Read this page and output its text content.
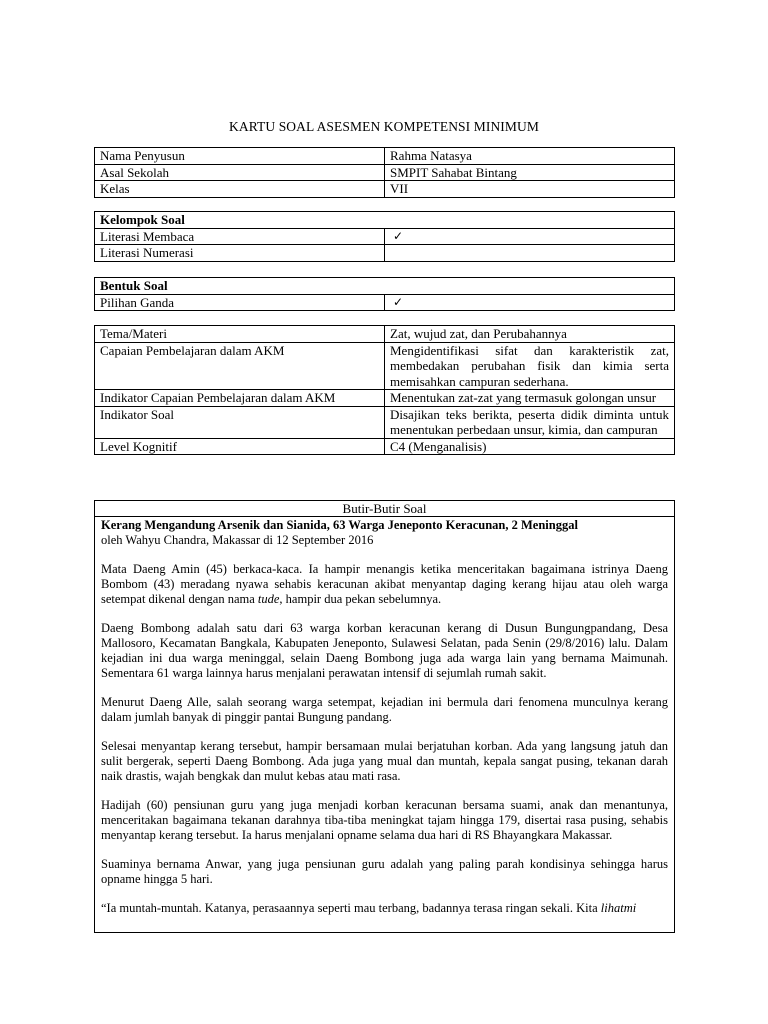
KARTU SOAL ASESMEN KOMPETENSI MINIMUM
Nama Penyusun	Rahma Natasya
Asal Sekolah	SMPIT Sahabat Bintang
Kelas	VII
Kelompok Soal	
Literasi Membaca	✓

Literasi Numerasi	

Bentuk Soal
Pilihan Ganda	✓
Tema/Materi	Zat, wujud zat, dan Perubahannya
Capaian Pembelajaran dalam AKM	Mengidentifikasi sifat dan karakteristik zat, membedakan perubahan fisik dan kimia serta memisahkan campuran sederhana.
Indikator Capaian Pembelajaran dalam AKM	Menentukan zat-zat yang termasuk golongan unsur
Indikator Soal	Disajikan teks berikta, peserta didik diminta untuk menentukan perbedaan unsur, kimia, dan campuran
Level Kognitif	C4 (Menganalisis)
Butir-Butir Soal
Kerang Mengandung Arsenik dan Sianida, 63 Warga Jeneponto Keracunan, 2 Meninggal
oleh Wahyu Chandra, Makassar di 12 September 2016
Mata Daeng Amin (45) berkaca-kaca. Ia hampir menangis ketika menceritakan bagaimana istrinya Daeng Bombom (43) meradang nyawa sehabis keracunan akibat menyantap daging kerang hijau atau oleh warga setempat dikenal dengan nama tude, hampir dua pekan sebelumnya.
Daeng Bombong adalah satu dari 63 warga korban keracunan kerang di Dusun Bungungpandang, Desa Mallosoro, Kecamatan Bangkala, Kabupaten Jeneponto, Sulawesi Selatan, pada Senin (29/8/2016) lalu. Dalam kejadian ini dua warga meninggal, selain Daeng Bombong juga ada warga lain yang bernama Maimunah. Sementara 61 warga lainnya harus menjalani perawatan intensif di sejumlah rumah sakit.
Menurut Daeng Alle, salah seorang warga setempat, kejadian ini bermula dari fenomena munculnya kerang dalam jumlah banyak di pinggir pantai Bungung pandang.
Selesai menyantap kerang tersebut, hampir bersamaan mulai berjatuhan korban. Ada yang langsung jatuh dan sulit bergerak, seperti Daeng Bombong. Ada juga yang mual dan muntah, kepala sangat pusing, tekanan darah naik drastis, wajah bengkak dan mulut kebas atau mati rasa.
Hadijah (60) pensiunan guru yang juga menjadi korban keracunan bersama suami, anak dan menantunya, menceritakan bagaimana tekanan darahnya tiba-tiba meningkat tajam hingga 179, disertai rasa pusing, sehabis menyantap kerang tersebut. Ia harus menjalani opname selama dua hari di RS Bhayangkara Makassar.
Suaminya bernama Anwar, yang juga pensiunan guru adalah yang paling parah kondisinya sehingga harus opname hingga 5 hari.
“Ia muntah-muntah. Katanya, perasaannya seperti mau terbang, badannya terasa ringan sekali. Kita lihatmi
